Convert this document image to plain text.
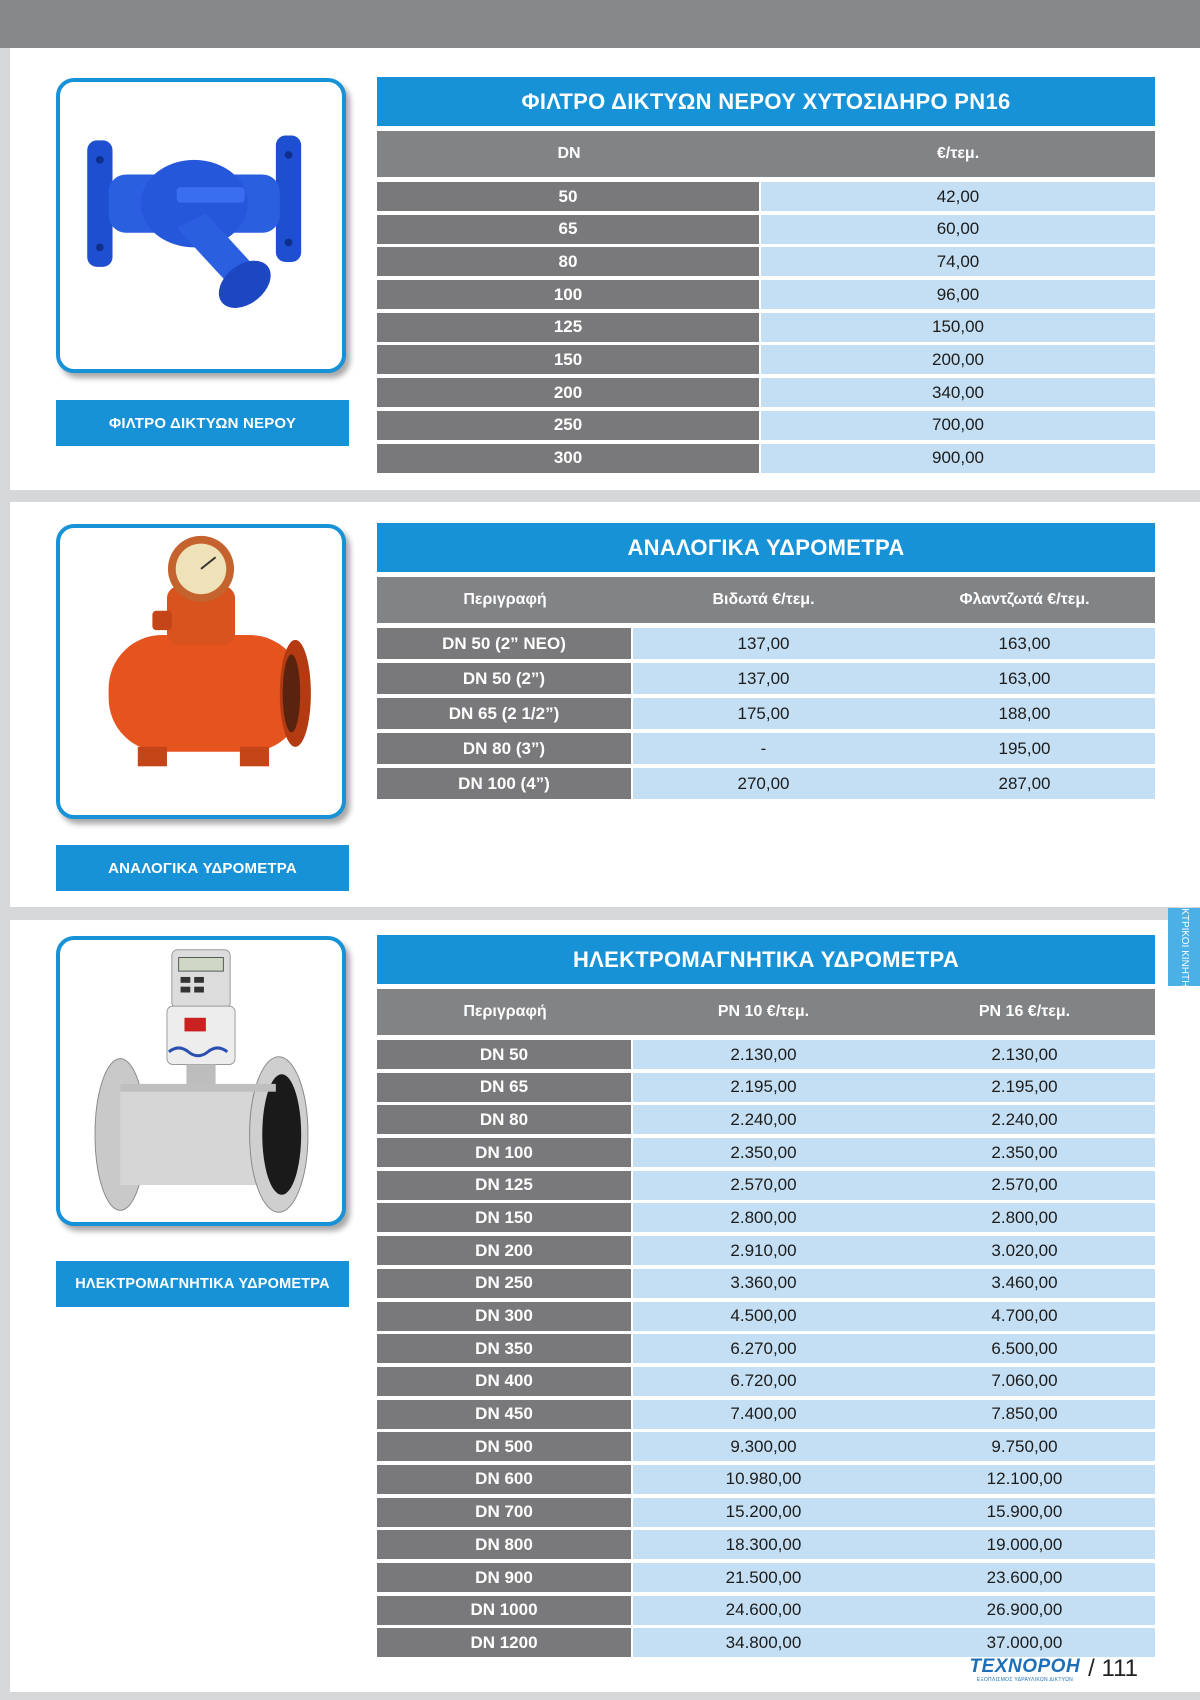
ΦΙΛΤΡΟ ΔΙΚΤΥΩΝ ΝΕΡΟΥ
ΦΙΛΤΡΟ ΔΙΚΤΥΩΝ ΝΕΡΟΥ ΧΥΤΟΣΙΔΗΡΟ PN16
DN	€/τεμ.
50	42,00
65	60,00
80	74,00
100	96,00
125	150,00
150	200,00
200	340,00
250	700,00
300	900,00
ΑΝΑΛΟΓΙΚΑ ΥΔΡΟΜΕΤΡΑ
ΑΝΑΛΟΓΙΚΑ ΥΔΡΟΜΕΤΡΑ
Περιγραφή	Βιδωτά €/τεμ.	Φλαντζωτά €/τεμ.
DN 50 (2” ΝΕΟ)	137,00	163,00
DN 50 (2”)	137,00	163,00
DN 65 (2 1/2”)	175,00	188,00
DN 80 (3”)	-	195,00
DN 100 (4”)	270,00	287,00
ΗΛΕΚΤΡΟΜΑΓΝΗΤΙΚΑ ΥΔΡΟΜΕΤΡΑ
ΗΛΕΚΤΡΟΜΑΓΝΗΤΙΚΑ ΥΔΡΟΜΕΤΡΑ
Περιγραφή	PN 10 €/τεμ.	PN 16 €/τεμ.
DN 50	2.130,00	2.130,00
DN 65	2.195,00	2.195,00
DN 80	2.240,00	2.240,00
DN 100	2.350,00	2.350,00
DN 125	2.570,00	2.570,00
DN 150	2.800,00	2.800,00
DN 200	2.910,00	3.020,00
DN 250	3.360,00	3.460,00
DN 300	4.500,00	4.700,00
DN 350	6.270,00	6.500,00
DN 400	6.720,00	7.060,00
DN 450	7.400,00	7.850,00
DN 500	9.300,00	9.750,00
DN 600	10.980,00	12.100,00
DN 700	15.200,00	15.900,00
DN 800	18.300,00	19.000,00
DN 900	21.500,00	23.600,00
DN 1000	24.600,00	26.900,00
DN 1200	34.800,00	37.000,00
ΗΛΕΚΤΡΙΚΟΙ ΚΙΝΗΤΗΡΕΣ
ΤΕΧΝΟΡΟΗ
ΕΞΟΠΛΙΣΜΟΣ ΥΔΡΑΥΛΙΚΩΝ ΔΙΚΤΥΩΝ / 111
